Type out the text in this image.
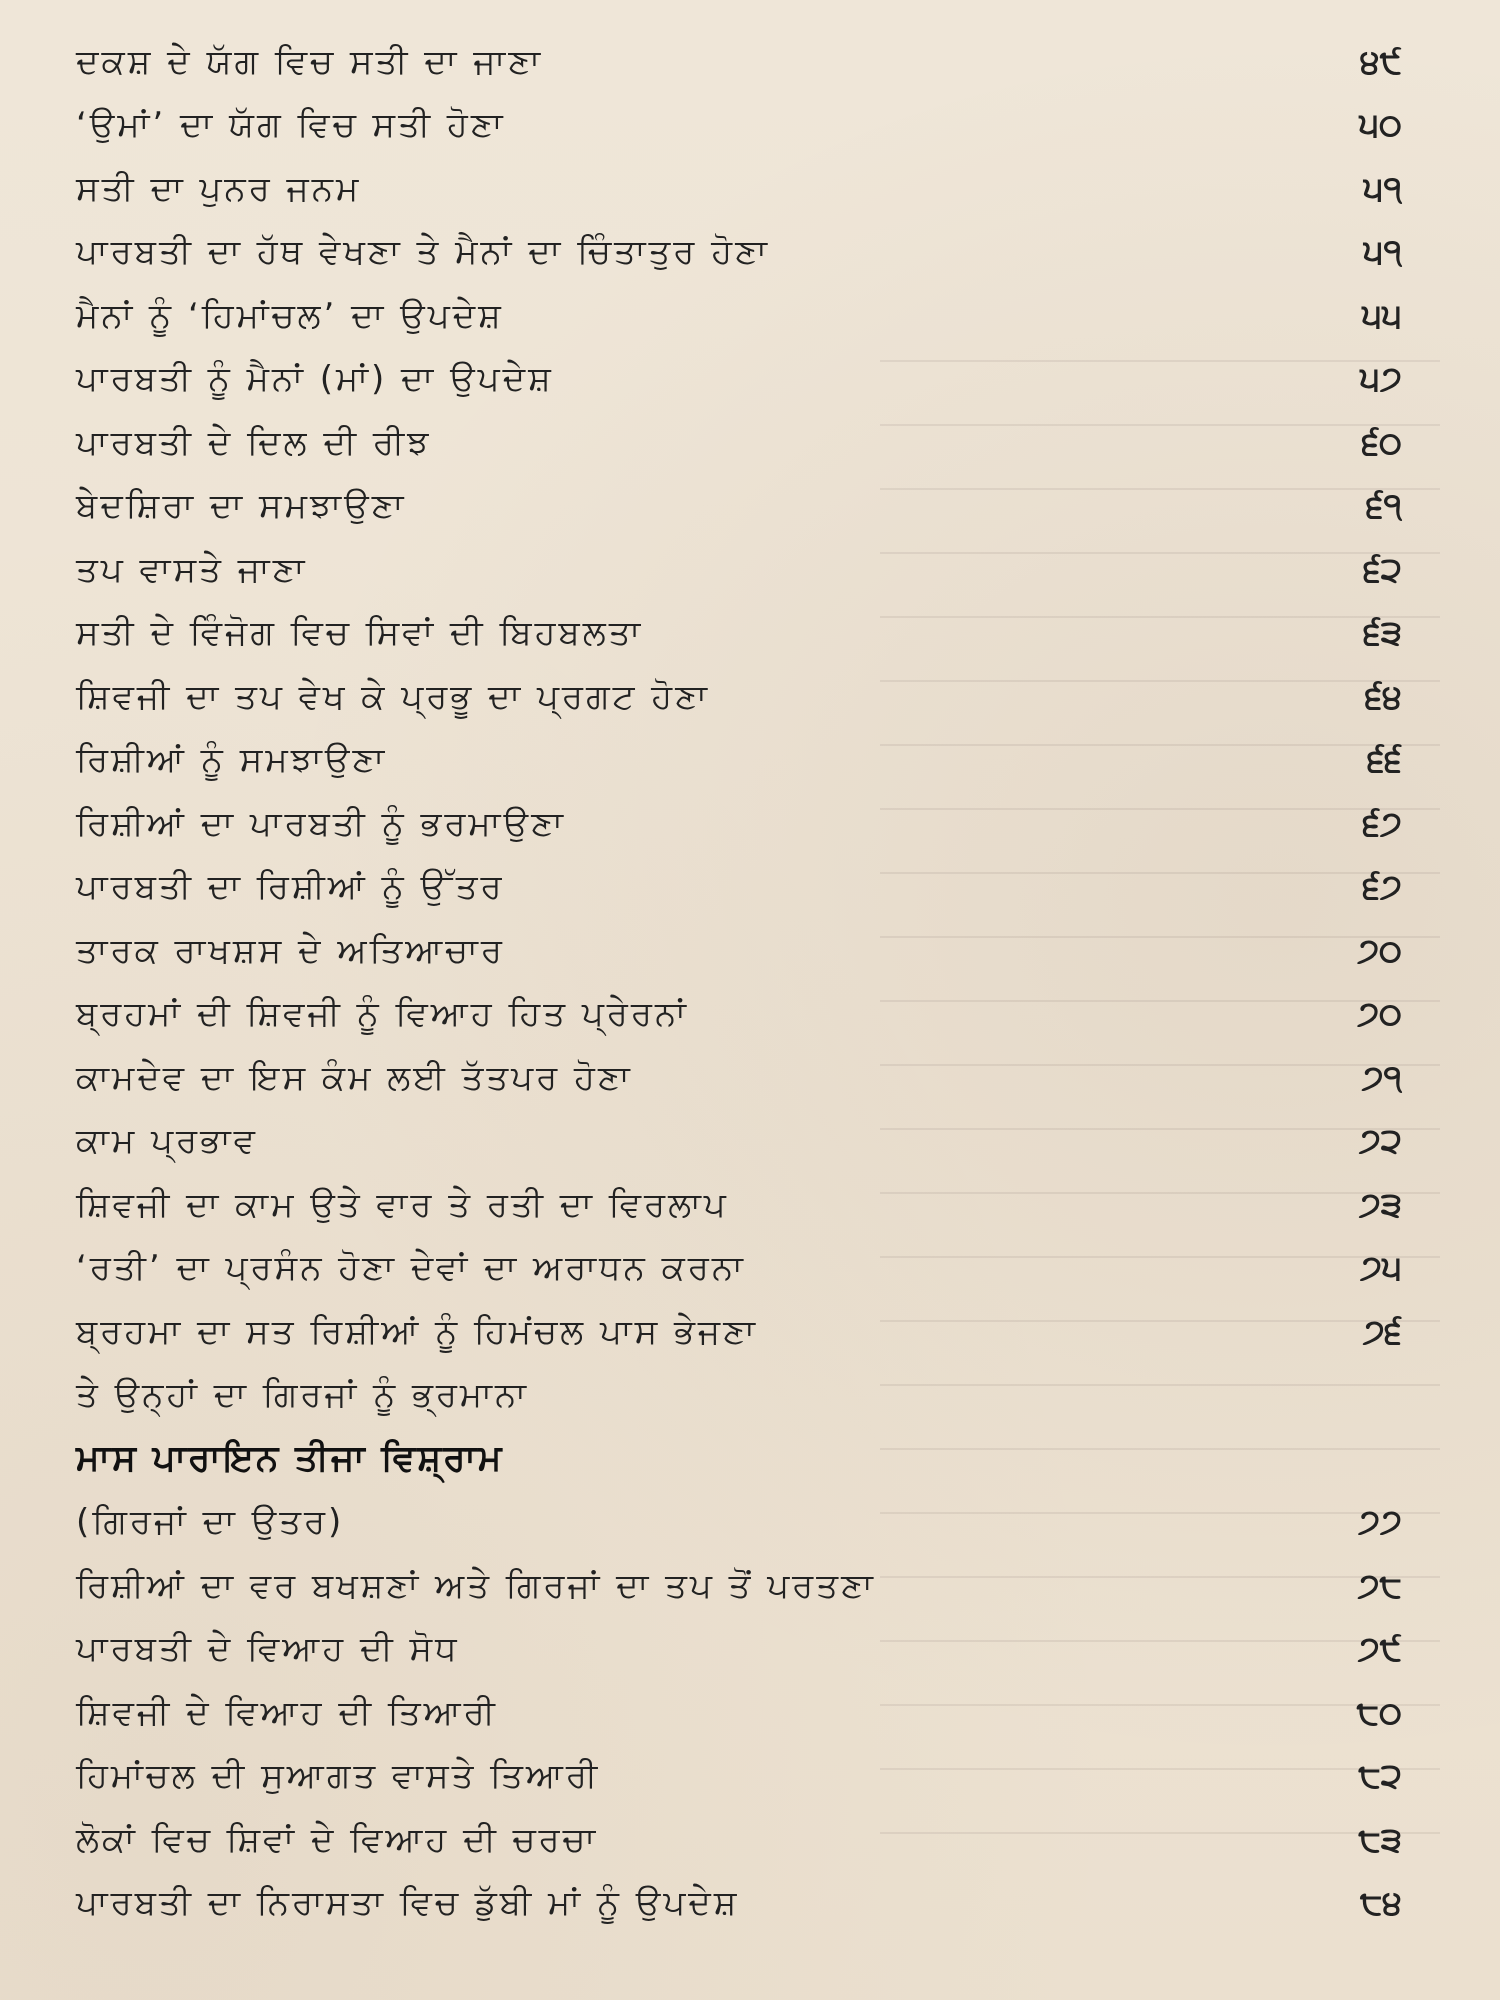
ਦਕਸ਼ ਦੇ ਯੱਗ ਵਿਚ ਸਤੀ ਦਾ ਜਾਣਾ	੪੯
‘ਉਮਾਂ’ ਦਾ ਯੱਗ ਵਿਚ ਸਤੀ ਹੋਣਾ	੫੦
ਸਤੀ ਦਾ ਪੁਨਰ ਜਨਮ	੫੧
ਪਾਰਬਤੀ ਦਾ ਹੱਥ ਵੇਖਣਾ ਤੇ ਮੈਨਾਂ ਦਾ ਚਿੰਤਾਤੁਰ ਹੋਣਾ	੫੧
ਮੈਨਾਂ ਨੂੰ ‘ਹਿਮਾਂਚਲ’ ਦਾ ਉਪਦੇਸ਼	੫੫
ਪਾਰਬਤੀ ਨੂੰ ਮੈਨਾਂ (ਮਾਂ) ਦਾ ਉਪਦੇਸ਼	੫੭
ਪਾਰਬਤੀ ਦੇ ਦਿਲ ਦੀ ਰੀਝ	੬੦
ਬੇਦਸ਼ਿਰਾ ਦਾ ਸਮਝਾਉਣਾ	੬੧
ਤਪ ਵਾਸਤੇ ਜਾਣਾ	੬੨
ਸਤੀ ਦੇ ਵਿੰਜੋਗ ਵਿਚ ਸਿਵਾਂ ਦੀ ਬਿਹਬਲਤਾ	੬੩
ਸ਼ਿਵਜੀ ਦਾ ਤਪ ਵੇਖ ਕੇ ਪ੍ਰਭੂ ਦਾ ਪ੍ਰਗਟ ਹੋਣਾ	੬੪
ਰਿਸ਼ੀਆਂ ਨੂੰ ਸਮਝਾਉਣਾ	੬੬
ਰਿਸ਼ੀਆਂ ਦਾ ਪਾਰਬਤੀ ਨੂੰ ਭਰਮਾਉਣਾ	੬੭
ਪਾਰਬਤੀ ਦਾ ਰਿਸ਼ੀਆਂ ਨੂੰ ਉੱਤਰ	੬੭
ਤਾਰਕ ਰਾਖਸ਼ਸ ਦੇ ਅਤਿਆਚਾਰ	੭੦
ਬ੍ਰਹਮਾਂ ਦੀ ਸ਼ਿਵਜੀ ਨੂੰ ਵਿਆਹ ਹਿਤ ਪ੍ਰੇਰਨਾਂ	੭੦
ਕਾਮਦੇਵ ਦਾ ਇਸ ਕੰਮ ਲਈ ਤੱਤਪਰ ਹੋਣਾ	੭੧
ਕਾਮ ਪ੍ਰਭਾਵ	੭੨
ਸ਼ਿਵਜੀ ਦਾ ਕਾਮ ਉਤੇ ਵਾਰ ਤੇ ਰਤੀ ਦਾ ਵਿਰਲਾਪ	੭੩
‘ਰਤੀ’ ਦਾ ਪ੍ਰਸੰਨ ਹੋਣਾ ਦੇਵਾਂ ਦਾ ਅਰਾਧਨ ਕਰਨਾ	੭੫
ਬ੍ਰਹਮਾ ਦਾ ਸਤ ਰਿਸ਼ੀਆਂ ਨੂੰ ਹਿਮਂਚਲ ਪਾਸ ਭੇਜਣਾ	੭੬
ਤੇ ਉਨ੍ਹਾਂ ਦਾ ਗਿਰਜਾਂ ਨੂੰ ਭ੍ਰਮਾਨਾ
ਮਾਸ ਪਾਰਾਇਨ ਤੀਜਾ ਵਿਸ਼੍ਰਾਮ
(ਗਿਰਜਾਂ ਦਾ ਉਤਰ)	੭੭
ਰਿਸ਼ੀਆਂ ਦਾ ਵਰ ਬਖਸ਼ਣਾਂ ਅਤੇ ਗਿਰਜਾਂ ਦਾ ਤਪ ਤੋਂ ਪਰਤਣਾ	੭੮
ਪਾਰਬਤੀ ਦੇ ਵਿਆਹ ਦੀ ਸੋਧ	੭੯
ਸ਼ਿਵਜੀ ਦੇ ਵਿਆਹ ਦੀ ਤਿਆਰੀ	੮੦
ਹਿਮਾਂਚਲ ਦੀ ਸੁਆਗਤ ਵਾਸਤੇ ਤਿਆਰੀ	੮੨
ਲੋਕਾਂ ਵਿਚ ਸ਼ਿਵਾਂ ਦੇ ਵਿਆਹ ਦੀ ਚਰਚਾ	੮੩
ਪਾਰਬਤੀ ਦਾ ਨਿਰਾਸਤਾ ਵਿਚ ਡੁੱਬੀ ਮਾਂ ਨੂੰ ਉਪਦੇਸ਼	੮੪
